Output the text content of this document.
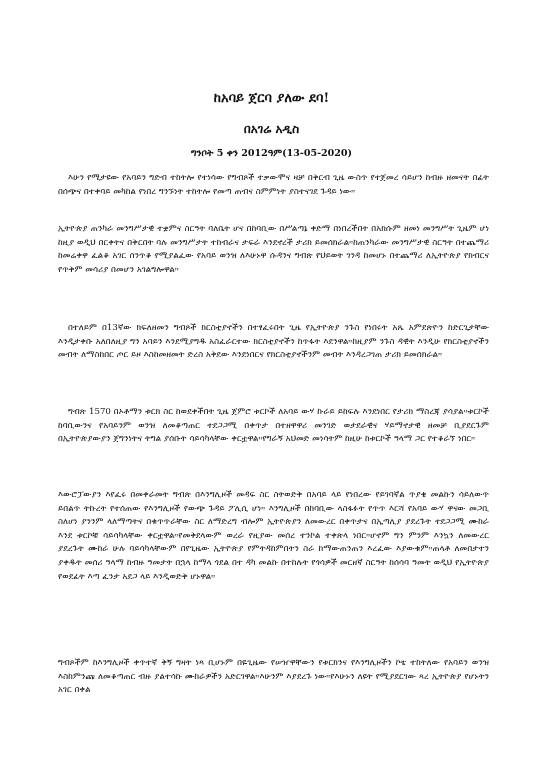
ከአባይ ጀርባ ያለው ደባ!
በአገሬ አዲስ
ግንቦት 5 ቀን 2012ዓም(13-05-2020)

እሁን የሚታዩው የአባይን ግድብ ተከትሎ የተነሳው የግብጾች ተቃውሞና ዛቻ በቅርብ ጊዜ ውስጥ የተጀመረ ሳይሆን ከብዙ ዘመናት በፊት በሰጭና በተቀባይ መካከል የነበረ ግንኙነት ተከትሎ የመጣ ጠብና ስምምነት ያስተናገደ ጉዳይ ነው።

ኢትዮጵያ ጠንካራ መንግሥታዊ ተቋምና ስርዓት ባለቤት ሆና በከባቢው በሥልጣኔ ቀድማ በነበረችበት በአክሱም ዘመነ መንግሥት ጊዜም ሆነ ከዚያ ወዲህ በርቀትና በቅርበት ባሉ መንግሥታት ተከብራና ታፍራ እንደኖረች ታሪክ ይመሰክራል።ከጠንካራው መንግሥታዊ ስርዓት በተጨማሪ ከመሬቀዋ ፈልቆ አገር ሰንጥቆ የሚያልፈው የአባይ ወንዝ ለእሁኑዋ ሱዳንና ግብጽ የህይወት ገንዳ ከመሆኑ በተጨማሪ ለኢትዮጵያ የክብርና የጥቅም መሳሪያ በመሆን አገልግሎዋል።

በተለይም በ13ኛው ክፍለዘመን ግብጾች ክርስቲያኖችን በተፃፈሩበት ጊዜ የኢትዮጵያ ንጉስ የነበሩት አጼ አምደጽዮን ከድርጊታቸው እንዲታቀቡ አለበለዚያ ግን አባይን እንደሚያግዱ አስፈራርተው ክርስቲያኖችን ከጥፋት እደንዋል።ከዚያም ንጉስ ዳዊት እንዲሁ የክርስቲያኖችን መብት ለማስከበር ጦር ይዞ እስከመዘመት ድረስ አቅደው እንደነበርና የክርስቲያኖችንም መብት እንዳረጋገጠ ታሪክ ይመሰክራል።

ግብጽ 1570 በኦቶማን ቱርክ ስር ከወደቀችበት ጊዜ ጀምሮ ቱርኮች ለአባይ ውሃ ኩራይ ይከፍሉ እንደነበር የታሪክ ማስረጃ ያሳያል።ቱርኮች ከባቢውንና የአባይንም ወንዝ ለመቆጣጠር ተደጋጋሚ በቀጥታ በተዘዋዋሪ መንገድ ወታደራዊና ሃይማኖታዊ ዘመቻ ቢያደርጉም በኢትዮጵያውያን ጀግንነትና ትግል ያሰቡት ሳይሳካላቸው ቀርቷዋል።የግራኝ አህመድ መነሳትም ከዚሁ ከቱርኮች ዓላማ ጋር የተቆራኘ ነበር።

እውሮፓውያን እየፈሩ በመቀራመት ግብጽ በእንግሊዞች መዳፍ ስር ስትወድቅ በአባይ ላይ የነበረው የይገባኛል ጥያቄ መልኩን ሳይለውጥ ይበልጥ ትኩረት የተሰጠው የእንግሊዞች የውጭ ጉዳይ ፖሊሲ ሆነ። እንግሊዞች በከባቢው ላስፋፉት የጥጥ እርሻ የአባይ ውሃ ዋናው መጋቢ ስለሆነ ያንንም ላለማጣትና በቁጥጥራቸው ስር ለማድረግ ብሎም ኢትዮጵያን ለመውረር በቀጥታና በኢጣሊያ ያደረጉት ተደጋጋሚ ሙከራ እንደ ቱርኮቹ ሳይሳካላቸው ቀርቷዋል።የመቅደላውም ወረራ የዚያው መሰረ ተንኮል ተቀጽላ ነበር።ሆኖም ግን ምንም እንኳን ለመውረር ያደረጉት ሙከራ ሁሉ ባይሳካላቸውም በየጊዜው ኢትዮጵያ የምትዳከምበትን ስራ ከማውጠንጠን እረፈው እያውቁም።ጠላቶ ለመበታተን ያቀዱት መሰሪ ዓላማ ከብዙ ዓመታት በኋላ ከማላ ጎደል በተ ዳካ መልኩ በተከሉት የጎሳዎች መርዘኛ ስርዓት ከሰሳባ ዓመት ወዲህ የኢትዮጵያ የወደፊት እጣ ፈንታ አደጋ ላይ እንዲወድቅ ሆኑዋል።

ግብጾችም ከእንግሊዞች ቀጥተኛ ቅኝ ግዛት ነጻ ቢሆኑም በዬጊዜው የሠዠዋቸውን የቱርክንና የእንግሊዞችን ኮቴ ተከትለው የአባይን ወንዝ እስከምንጩ ለመቆጣጠር ብዙ ያልተሳኩ ሙከራዎችን አድርገዋል።እሁንም እያደረጉ ነው።የእሁኑን ለዩት የሚያደርገው ጻረ ኢትዮጵያ የሆኑትን አገር በቀል
